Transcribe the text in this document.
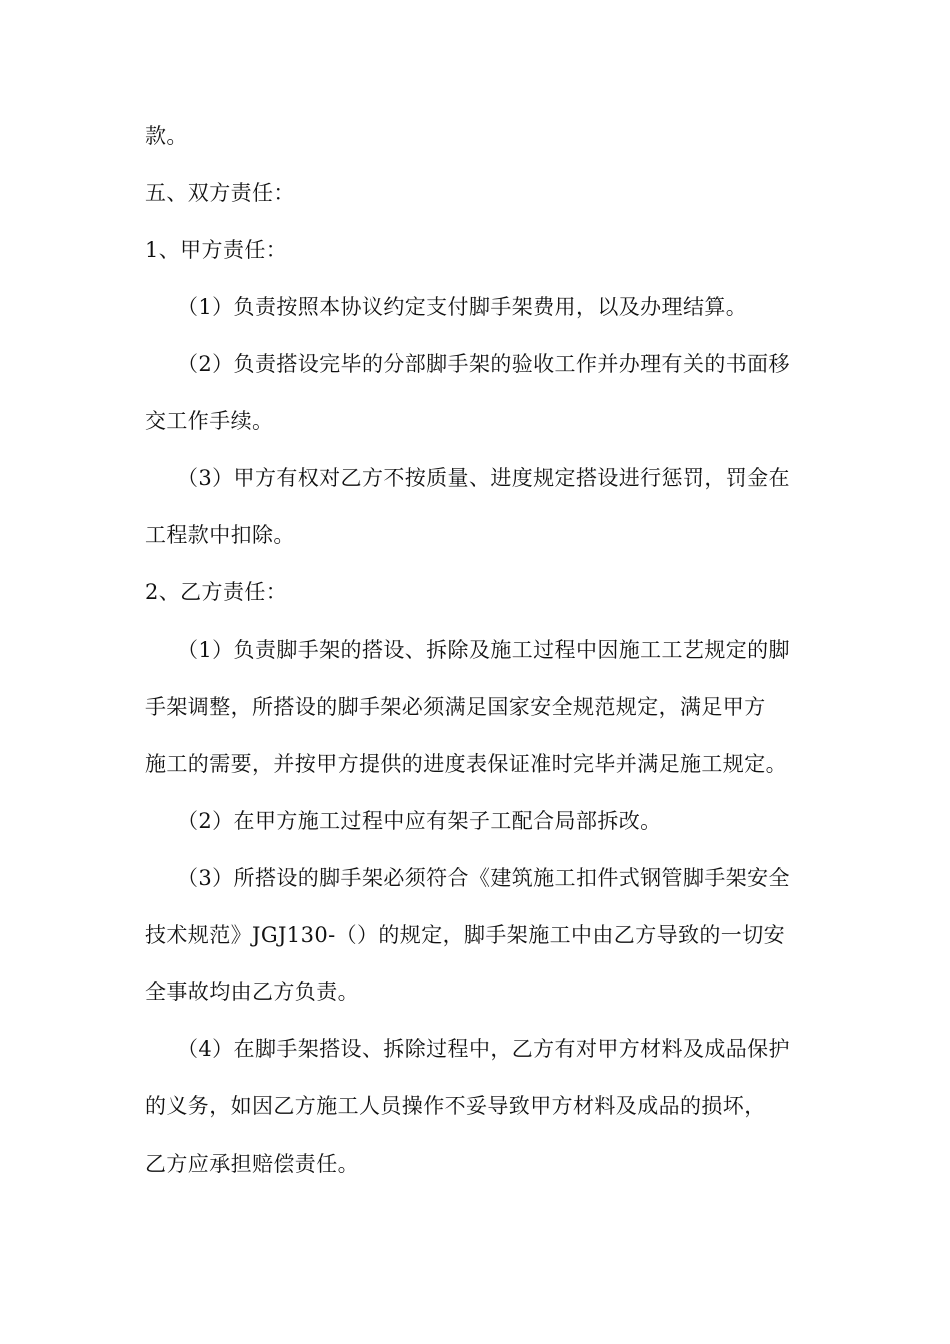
款。

五、双方责任：

1、甲方责任：

（1）负责按照本协议约定支付脚手架费用，以及办理结算。

（2）负责搭设完毕的分部脚手架的验收工作并办理有关的书面移

交工作手续。

（3）甲方有权对乙方不按质量、进度规定搭设进行惩罚，罚金在

工程款中扣除。

2、乙方责任：

（1）负责脚手架的搭设、拆除及施工过程中因施工工艺规定的脚

手架调整，所搭设的脚手架必须满足国家安全规范规定，满足甲方

施工的需要，并按甲方提供的进度表保证准时完毕并满足施工规定。

（2）在甲方施工过程中应有架子工配合局部拆改。

（3）所搭设的脚手架必须符合《建筑施工扣件式钢管脚手架安全

技术规范》JGJ130-（）的规定，脚手架施工中由乙方导致的一切安

全事故均由乙方负责。

（4）在脚手架搭设、拆除过程中，乙方有对甲方材料及成品保护

的义务，如因乙方施工人员操作不妥导致甲方材料及成品的损坏，

乙方应承担赔偿责任。
